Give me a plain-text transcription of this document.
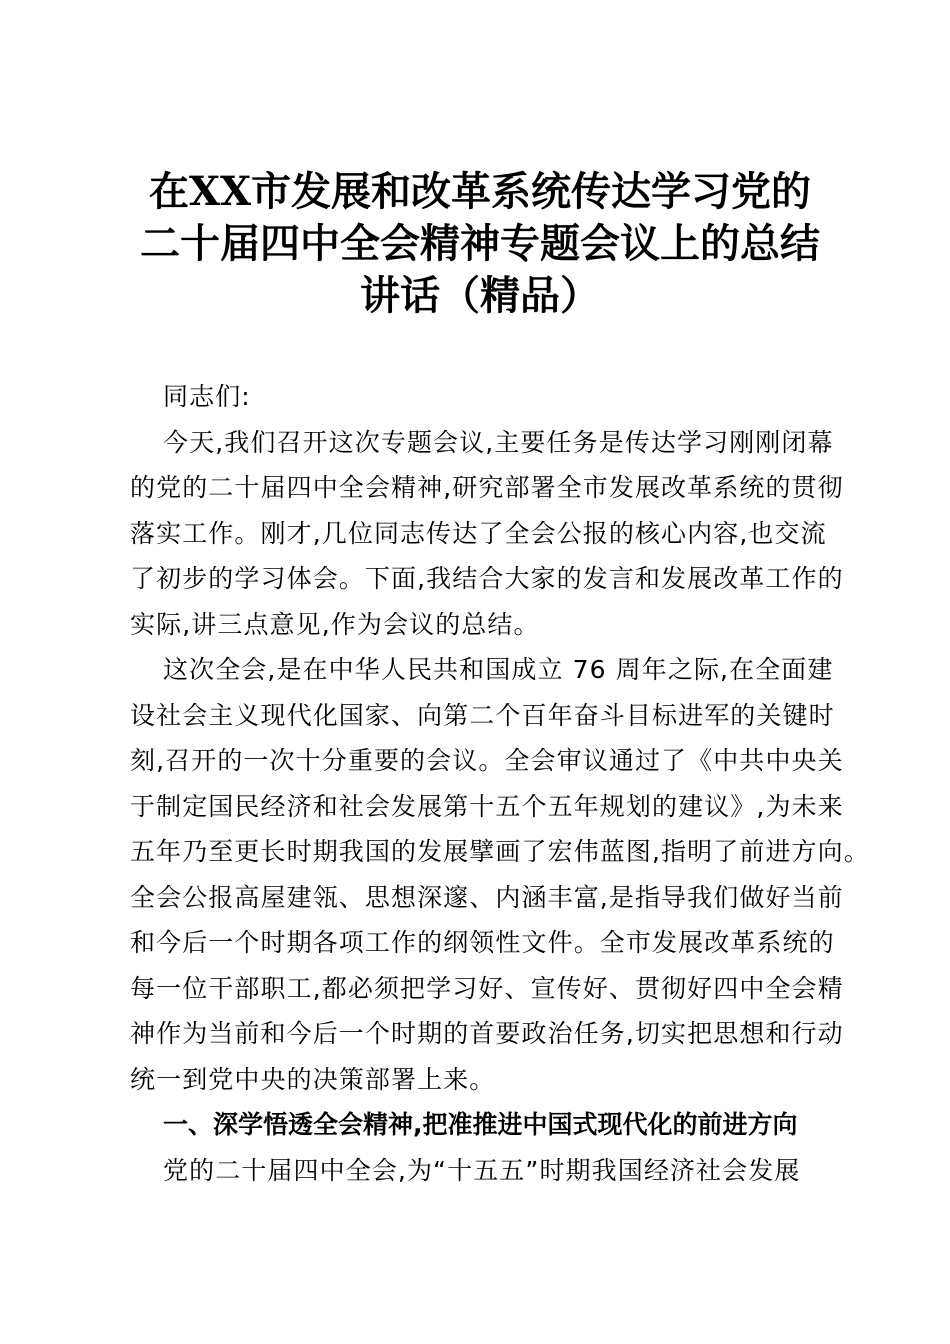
在XX市发展和改革系统传达学习党的
二十届四中全会精神专题会议上的总结
讲话（精品）
同志们:
今天,我们召开这次专题会议,主要任务是传达学习刚刚闭幕
的党的二十届四中全会精神,研究部署全市发展改革系统的贯彻
落实工作。刚才,几位同志传达了全会公报的核心内容,也交流
了初步的学习体会。下面,我结合大家的发言和发展改革工作的
实际,讲三点意见,作为会议的总结。
这次全会,是在中华人民共和国成立 76 周年之际,在全面建
设社会主义现代化国家、向第二个百年奋斗目标进军的关键时
刻,召开的一次十分重要的会议。全会审议通过了《中共中央关
于制定国民经济和社会发展第十五个五年规划的建议》,为未来
五年乃至更长时期我国的发展擘画了宏伟蓝图,指明了前进方向。
全会公报高屋建瓴、思想深邃、内涵丰富,是指导我们做好当前
和今后一个时期各项工作的纲领性文件。全市发展改革系统的
每一位干部职工,都必须把学习好、宣传好、贯彻好四中全会精
神作为当前和今后一个时期的首要政治任务,切实把思想和行动
统一到党中央的决策部署上来。
一、深学悟透全会精神,把准推进中国式现代化的前进方向
党的二十届四中全会,为“十五五”时期我国经济社会发展
